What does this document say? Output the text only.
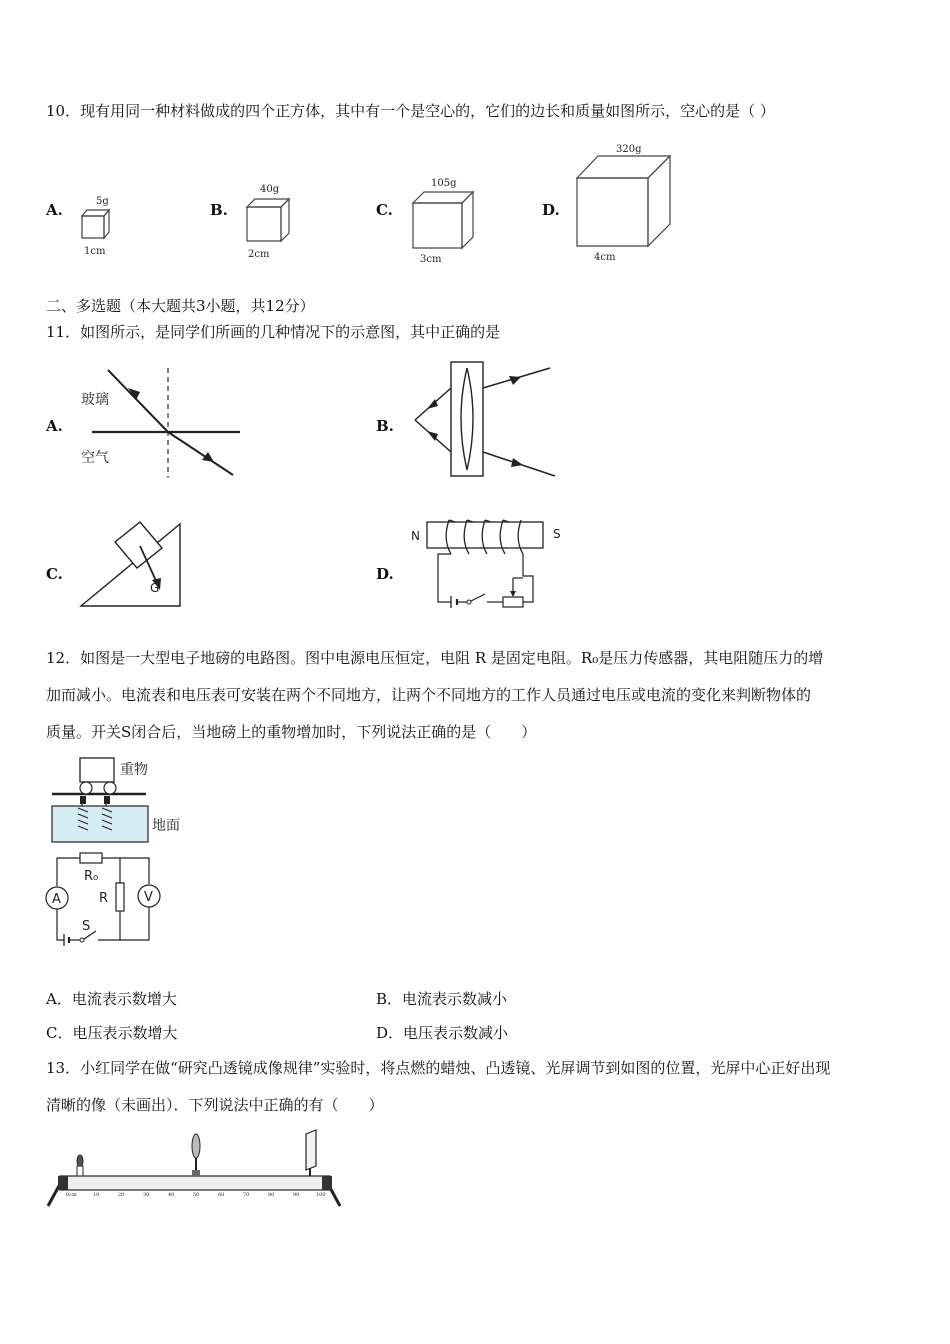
10．现有用同一种材料做成的四个正方体，其中有一个是空心的，它们的边长和质量如图所示，空心的是（ ）
A.	5g
1cm
B.
40g
2cm
C.
105g
3cm
D.
320g
4cm
二、多选题（本大题共3小题，共12分）
11．如图所示，是同学们所画的几种情况下的示意图，其中正确的是
A.
玻璃
空气
B.
C.
G
D.
N	S
12．如图是一大型电子地磅的电路图。图中电源电压恒定，电阻 R 是固定电阻。R₀是压力传感器，其电阻随压力的增
加而减小。电流表和电压表可安装在两个不同地方，让两个不同地方的工作人员通过电压或电流的变化来判断物体的
质量。开关S闭合后，当地磅上的重物增加时，下列说法正确的是（　　）
重物
地面
R₀
A	V
R
S
A．电流表示数增大	B．电流表示数减小
C．电压表示数增大	D．电压表示数减小
13．小红同学在做“研究凸透镜成像规律”实验时，将点燃的蜡烛、凸透镜、光屏调节到如图的位置，光屏中心正好出现
清晰的像（未画出）．下列说法中正确的有（　　）
0cm	10	20	30	40	50	60	70	80	90	100
